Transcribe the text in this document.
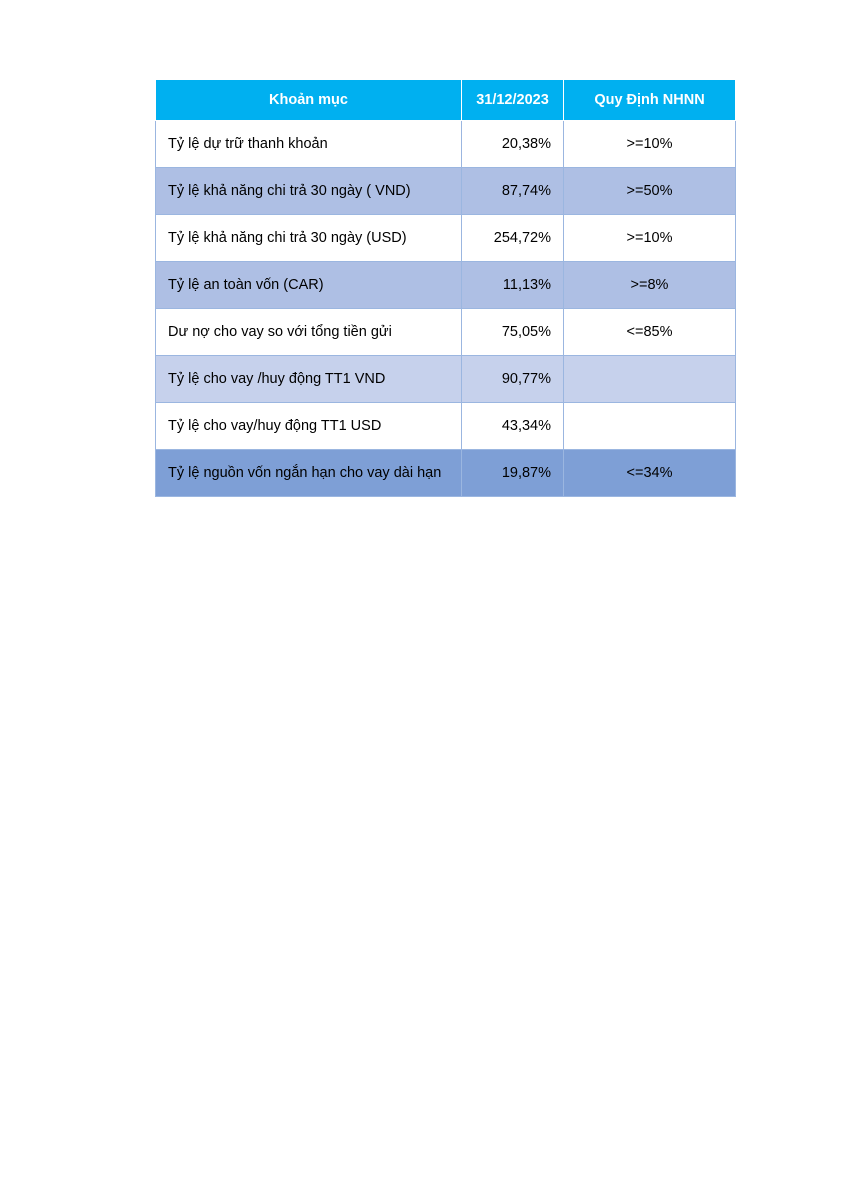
Khoản mục	31/12/2023	Quy Định NHNN
Tỷ lệ dự trữ thanh khoản	20,38%	>=10%
Tỷ lệ khả năng chi trả 30 ngày ( VND)	87,74%	>=50%
Tỷ lệ khả năng chi trả 30 ngày (USD)	254,72%	>=10%
Tỷ lệ an toàn vốn (CAR)	11,13%	>=8%
Dư nợ cho vay so với tổng tiền gửi	75,05%	<=85%
Tỷ lệ cho vay /huy động TT1 VND	90,77%	
Tỷ lệ cho vay/huy động TT1 USD	43,34%	
Tỷ lệ nguồn vốn ngắn hạn cho vay dài hạn	19,87%	<=34%
